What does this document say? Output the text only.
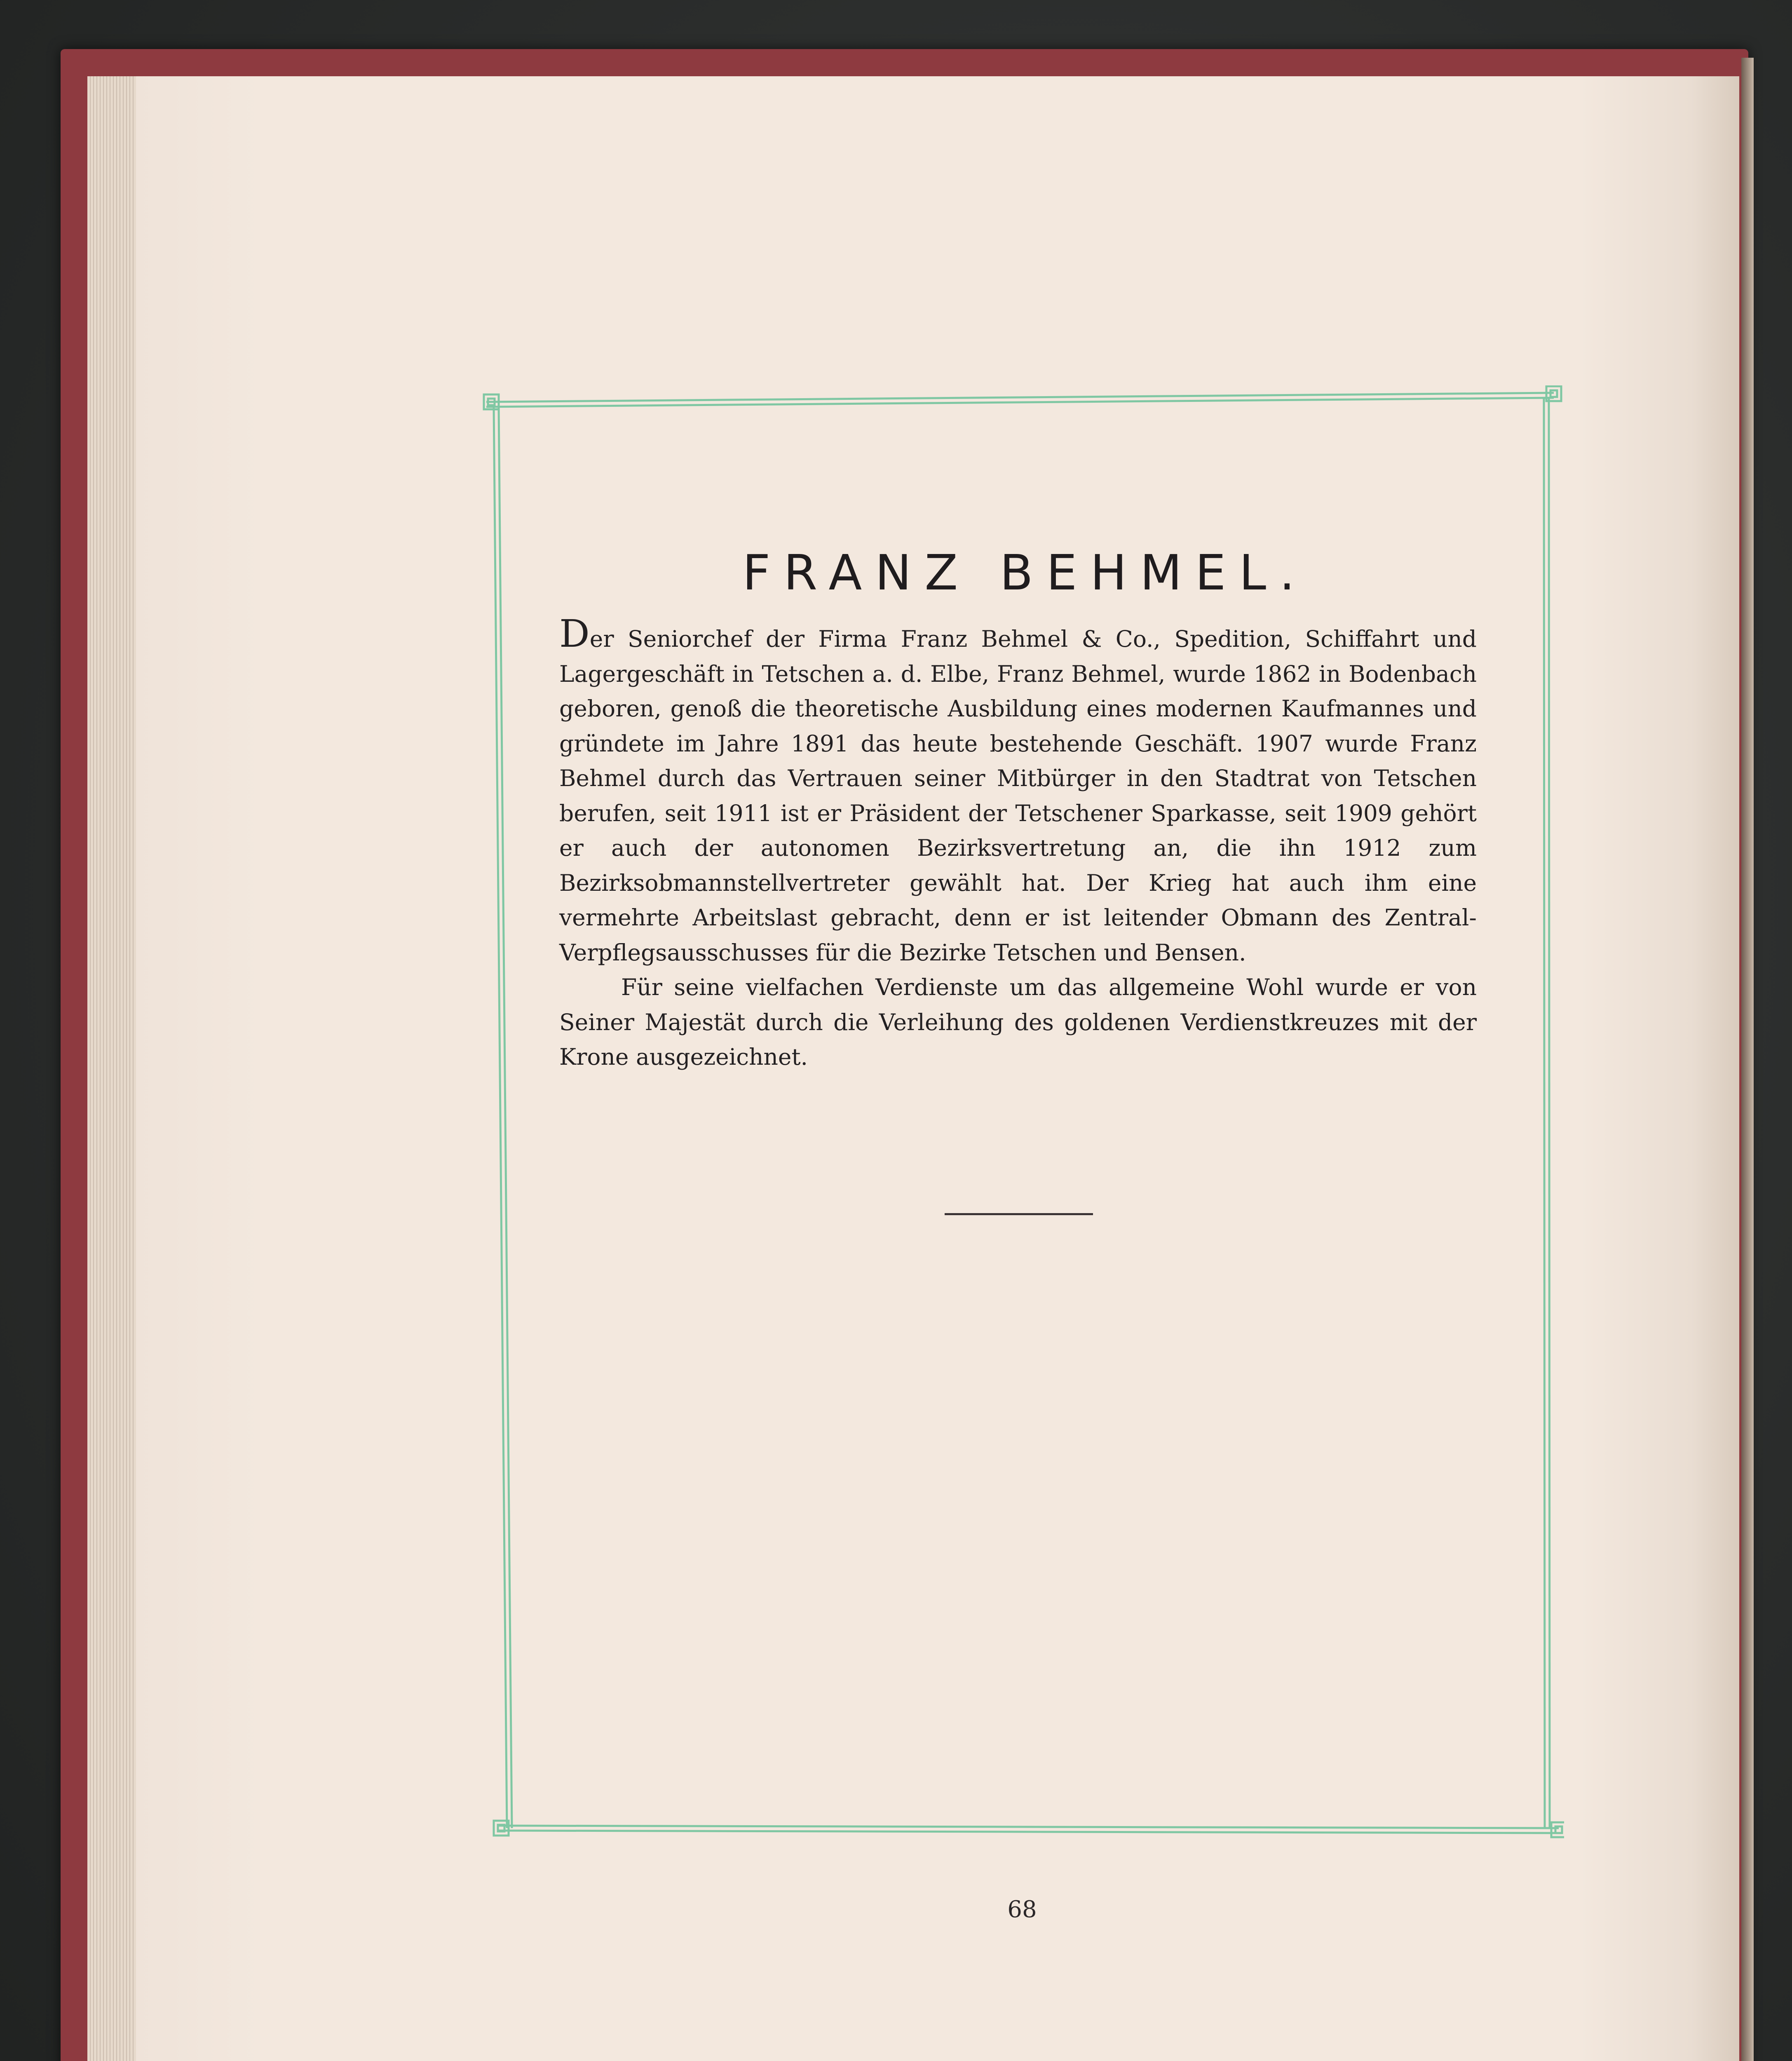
FRANZ BEHMEL.

Der Seniorchef der Firma Franz Behmel & Co., Spedition, Schiffahrt und Lagergeschäft in Tetschen a. d. Elbe, Franz Behmel, wurde 1862 in Bodenbach geboren, genoß die theoretische Ausbildung eines modernen Kaufmannes und gründete im Jahre 1891 das heute bestehende Geschäft. 1907 wurde Franz Behmel durch das Vertrauen seiner Mitbürger in den Stadtrat von Tetschen berufen, seit 1911 ist er Präsident der Tetschener Sparkasse, seit 1909 gehört er auch der autonomen Bezirksvertretung an, die ihn 1912 zum Bezirksobmannstellvertreter gewählt hat. Der Krieg hat auch ihm eine vermehrte Arbeitslast gebracht, denn er ist leitender Obmann des Zentral-Verpflegsausschusses für die Bezirke Tetschen und Bensen.

Für seine vielfachen Verdienste um das allgemeine Wohl wurde er von Seiner Majestät durch die Verleihung des goldenen Verdienstkreuzes mit der Krone ausgezeichnet.

68
